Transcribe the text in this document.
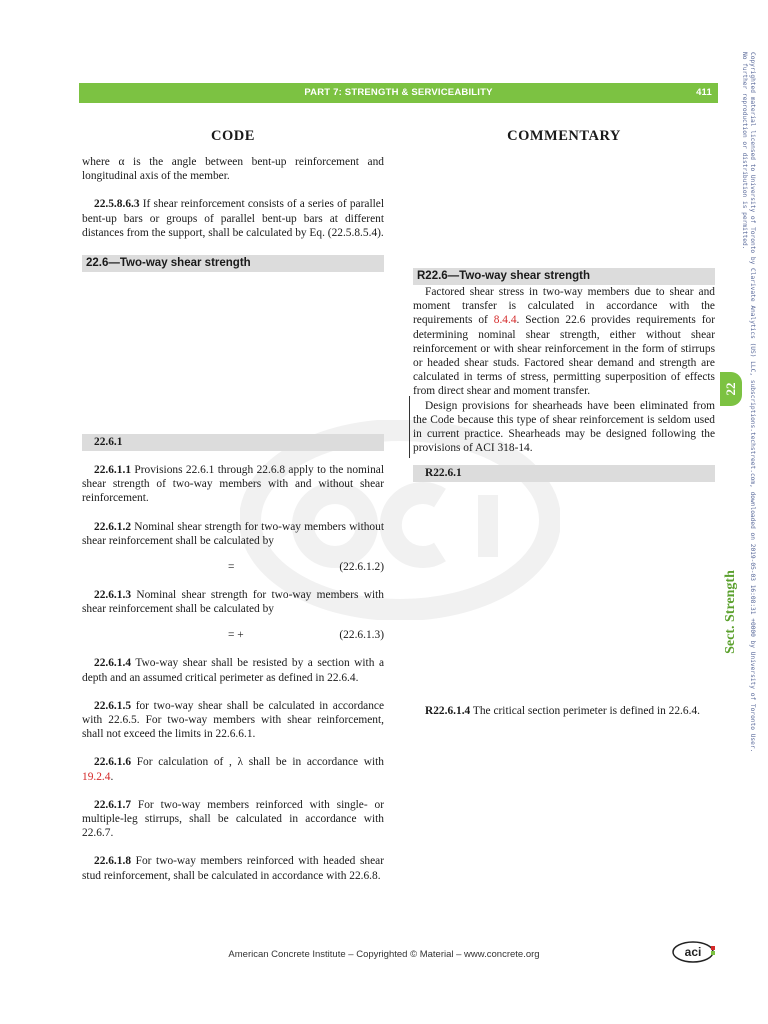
PART 7: STRENGTH & SERVICEABILITY	411
CODE	COMMENTARY

where α is the angle between bent-up reinforcement and longitudinal axis of the member.

22.5.8.6.3 If shear reinforcement consists of a series of parallel bent-up bars or groups of parallel bent-up bars at different distances from the support, shall be calculated by Eq. (22.5.8.5.4).

22.6—Two-way shear strength
22.6.1

22.6.1.1 Provisions 22.6.1 through 22.6.8 apply to the nominal shear strength of two-way members with and without shear reinforcement.

22.6.1.2 Nominal shear strength for two-way members without shear reinforcement shall be calculated by

=	(22.6.1.2)

22.6.1.3 Nominal shear strength for two-way members with shear reinforcement shall be calculated by

= +	(22.6.1.3)

22.6.1.4 Two-way shear shall be resisted by a section with a depth and an assumed critical perimeter as defined in 22.6.4.

22.6.1.5 for two-way shear shall be calculated in accordance with 22.6.5. For two-way members with shear reinforcement, shall not exceed the limits in 22.6.6.1.

22.6.1.6 For calculation of , λ shall be in accordance with 19.2.4.

22.6.1.7 For two-way members reinforced with single- or multiple-leg stirrups, shall be calculated in accordance with 22.6.7.

22.6.1.8 For two-way members reinforced with headed shear stud reinforcement, shall be calculated in accordance with 22.6.8.

R22.6—Two-way shear strength

Factored shear stress in two-way members due to shear and moment transfer is calculated in accordance with the requirements of 8.4.4. Section 22.6 provides requirements for determining nominal shear strength, either without shear reinforcement or with shear reinforcement in the form of stirrups or headed shear studs. Factored shear demand and strength are calculated in terms of stress, permitting superposition of effects from direct shear and moment transfer.

Design provisions for shearheads have been eliminated from the Code because this type of shear reinforcement is seldom used in current practice. Shearheads may be designed following the provisions of ACI 318-14.

R22.6.1

R22.6.1.4 The critical section perimeter is defined in 22.6.4.

Sect. Strength
22 Copyrighted material licensed to University of Toronto by Clarivate Analytics (US) LLC, subscriptions.techstreet.com, downloaded on 2019-05-03 16:08:31 +0000 by University of Toronto User.
No further reproduction or distribution is permitted.
American Concrete Institute – Copyrighted © Material – www.concrete.org	aci
